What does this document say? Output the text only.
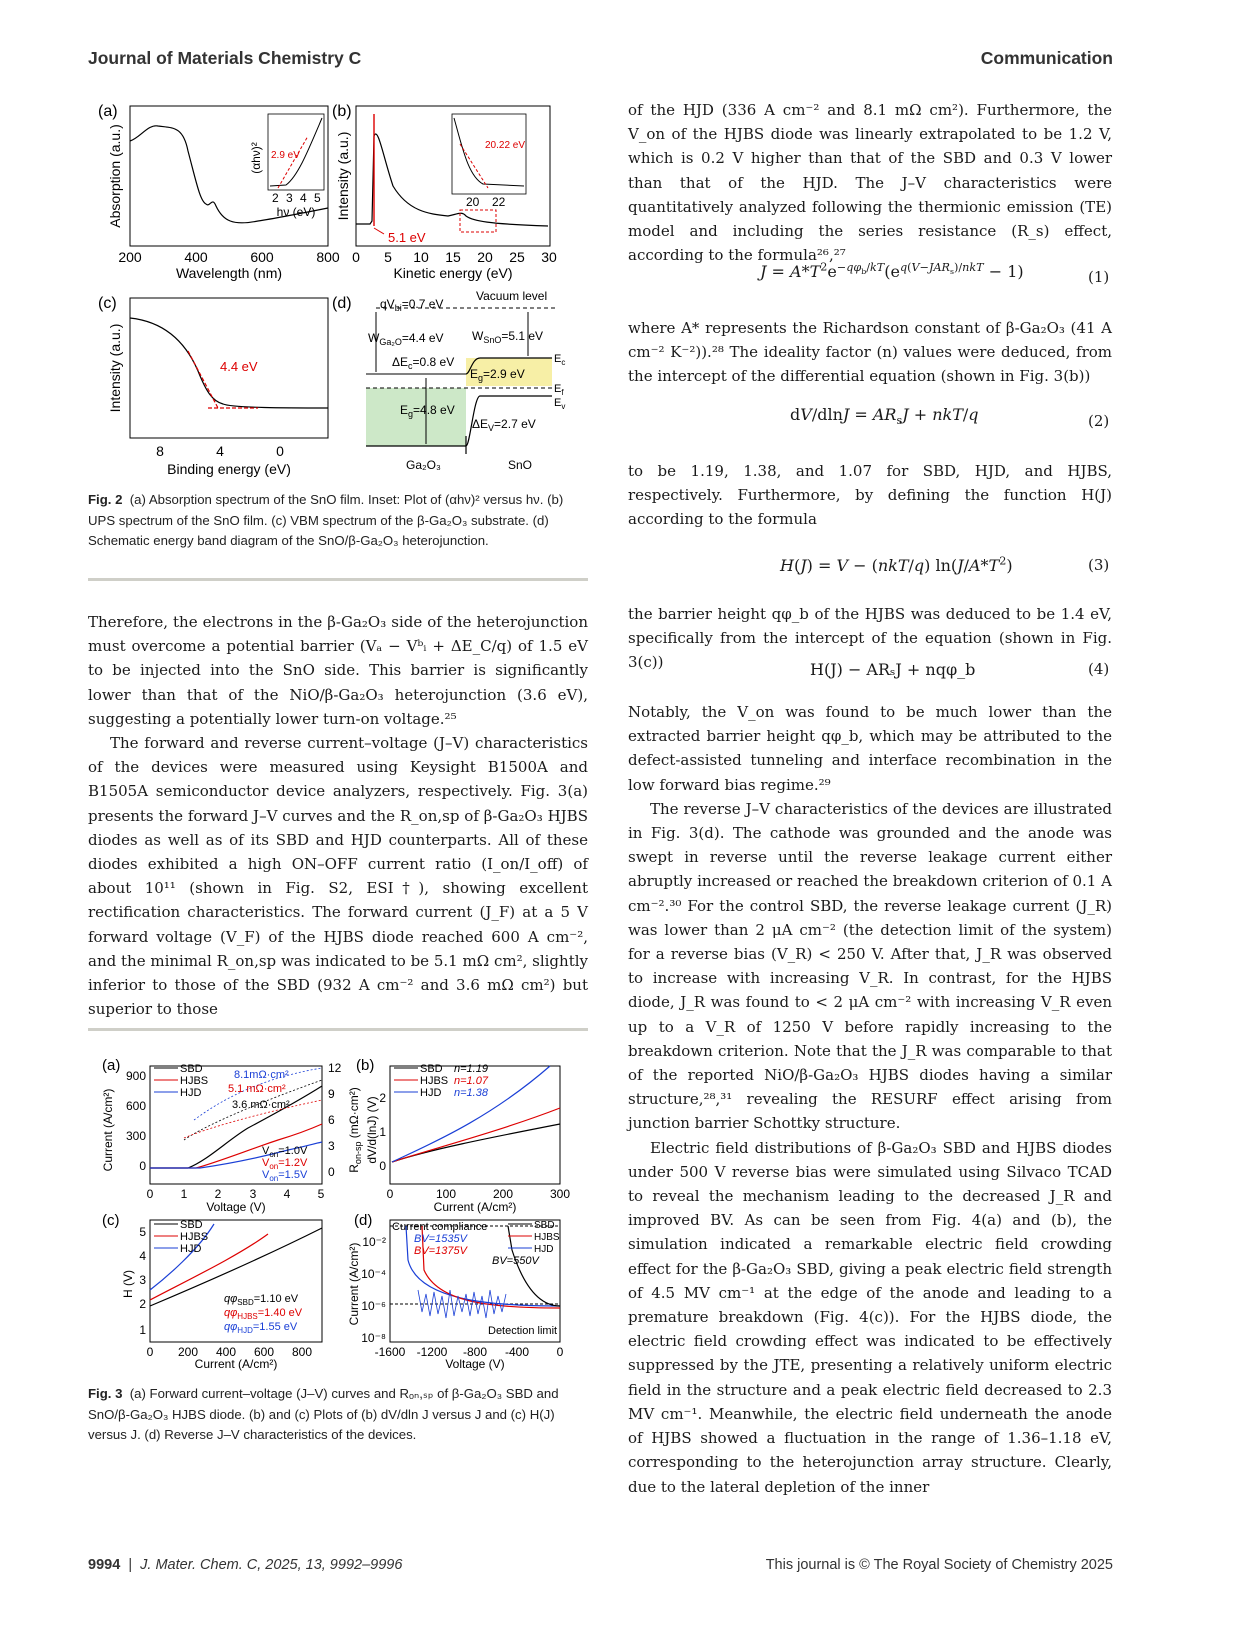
Journal of Materials Chemistry C	Communication
(a)
Absorption (a.u.)
200	400	600	800
Wavelength (nm)
2.9 eV
(αhν)²
2 3 4 5
hν (eV)
(b)
Intensity (a.u.)
0 5 10 15 20 25 30
Kinetic energy (eV)
5.1 eV
20.22 eV
20 22
(c)
Intensity (a.u.)
8	4	0
Binding energy (eV)
4.4 eV
(d)	Vacuum level
$qV_{bi}=0.7$ eV
$W_{Ga_2O}=4.4$ eV $W_{SnO}=5.1$ eV
$\Delta E_c=0.8$ eV
$E_g=2.9$ eV
$E_g=4.8$ eV
$\Delta E_V=2.7$ eV
$E_c$
$E_f$
$E_v$
Ga₂O₃	SnO
Fig. 2 (a) Absorption spectrum of the SnO film. Inset: Plot of (αhν)² versus hν. (b) UPS spectrum of the SnO film. (c) VBM spectrum of the β-Ga₂O₃ substrate. (d) Schematic energy band diagram of the SnO/β-Ga₂O₃ heterojunction.

Therefore, the electrons in the β-Ga₂O₃ side of the heterojunction must overcome a potential barrier (Vₐ − Vᵇᵢ + ΔE_C/q) of 1.5 eV to be injected into the SnO side. This barrier is significantly lower than that of the NiO/β-Ga₂O₃ heterojunction (3.6 eV), suggesting a potentially lower turn-on voltage.²⁵

The forward and reverse current–voltage (J–V) characteristics of the devices were measured using Keysight B1500A and B1505A semiconductor device analyzers, respectively. Fig. 3(a) presents the forward J–V curves and the R_on,sp of β-Ga₂O₃ HJBS diodes as well as of its SBD and HJD counterparts. All of these diodes exhibited a high ON–OFF current ratio (I_on/I_off) of about 10¹¹ (shown in Fig. S2, ESI†), showing excellent rectification characteristics. The forward current (J_F) at a 5 V forward voltage (V_F) of the HJBS diode reached 600 A cm⁻², and the minimal R_on,sp was indicated to be 5.1 mΩ cm², slightly inferior to those of the SBD (932 A cm⁻² and 3.6 mΩ cm²) but superior to those

(a)
Current (A/cm²)
900
600
300
0
12
9
6
3
0 $R_{on-sp}$ (mΩ·cm²)
0 1 2 3 4 5
Voltage (V)
SBD
HJBS
HJD
8.1mΩ·cm²
5.1 mΩ·cm²
3.6 mΩ·cm²
$V_{on}=1.0V$
$V_{on}=1.2V$
$V_{on}=1.5V$
(b)
dV/d(lnJ) (V)
0
1
2
0	100	200	300
Current (A/cm²)
SBD
HJBS
HJD
n=1.19
n=1.07
n=1.38
(c)
H (V)
1
2
3
4
5
0 200 400 600 800
Current (A/cm²)
SBD
HJBS
HJD
$q\varphi_{SBD}=1.10$ eV
$q\varphi_{HJBS}=1.40$ eV
$q\varphi_{HJD}=1.55$ eV
(d)
Current (A/cm²)
10⁻²
10⁻⁴
10⁻⁶
10⁻⁸
-1600 -1200 -800 -400 0
Voltage (V)
Current compliance	SBD
HJBS
HJD
BV=1535V
BV=1375V
BV=550V
Detection limit
Fig. 3 (a) Forward current–voltage (J–V) curves and Rₒₙ,ₛₚ of β-Ga₂O₃ SBD and SnO/β-Ga₂O₃ HJBS diode. (b) and (c) Plots of (b) dV/dln J versus J and (c) H(J) versus J. (d) Reverse J–V characteristics of the devices.

of the HJD (336 A cm⁻² and 8.1 mΩ cm²). Furthermore, the V_on of the HJBS diode was linearly extrapolated to be 1.2 V, which is 0.2 V higher than that of the SBD and 0.3 V lower than that of the HJD. The J–V characteristics were quantitatively analyzed following the thermionic emission (TE) model and including the series resistance (R_s) effect, according to the formula²⁶,²⁷

$J = A*T^2e^{-q\varphi_b/kT}(e^{q(V-JAR_s)/nkT} - 1)$	(1)

where A* represents the Richardson constant of β-Ga₂O₃ (41 A cm⁻² K⁻²)).²⁸ The ideality factor (n) values were deduced, from the intercept of the differential equation (shown in Fig. 3(b))

$dV/dlnJ = AR_sJ + nkT/q$	(2)

to be 1.19, 1.38, and 1.07 for SBD, HJD, and HJBS, respectively. Furthermore, by defining the function H(J) according to the formula

H(J) = V − (nkT/q) $\ln(J/A*T^2)$	(3)

the barrier height qφ_b of the HJBS was deduced to be 1.4 eV, specifically from the intercept of the equation (shown in Fig. 3(c))	H(J) − ARₛJ + nqφ_b	(4)

Notably, the V_on was found to be much lower than the extracted barrier height qφ_b, which may be attributed to the defect-assisted tunneling and interface recombination in the low forward bias regime.²⁹

The reverse J–V characteristics of the devices are illustrated in Fig. 3(d). The cathode was grounded and the anode was swept in reverse until the reverse leakage current either abruptly increased or reached the breakdown criterion of 0.1 A cm⁻².³⁰ For the control SBD, the reverse leakage current (J_R) was lower than 2 μA cm⁻² (the detection limit of the system) for a reverse bias (V_R) < 250 V. After that, J_R was observed to increase with increasing V_R. In contrast, for the HJBS diode, J_R was found to < 2 μA cm⁻² with increasing V_R even up to a V_R of 1250 V before rapidly increasing to the breakdown criterion. Note that the J_R was comparable to that of the reported NiO/β-Ga₂O₃ HJBS diodes having a similar structure,²⁸,³¹ revealing the RESURF effect arising from junction barrier Schottky structure.

Electric field distributions of β-Ga₂O₃ SBD and HJBS diodes under 500 V reverse bias were simulated using Silvaco TCAD to reveal the mechanism leading to the decreased J_R and improved BV. As can be seen from Fig. 4(a) and (b), the simulation indicated a remarkable electric field crowding effect for the β-Ga₂O₃ SBD, giving a peak electric field strength of 4.5 MV cm⁻¹ at the edge of the anode and leading to a premature breakdown (Fig. 4(c)). For the HJBS diode, the electric field crowding effect was indicated to be effectively suppressed by the JTE, presenting a relatively uniform electric field in the structure and a peak electric field decreased to 2.3 MV cm⁻¹. Meanwhile, the electric field underneath the anode of HJBS showed a fluctuation in the range of 1.36–1.18 eV, corresponding to the heterojunction array structure. Clearly, due to the lateral depletion of the inner

9994  |  J. Mater. Chem. C, 2025, 13, 9992–9996	This journal is © The Royal Society of Chemistry 2025
